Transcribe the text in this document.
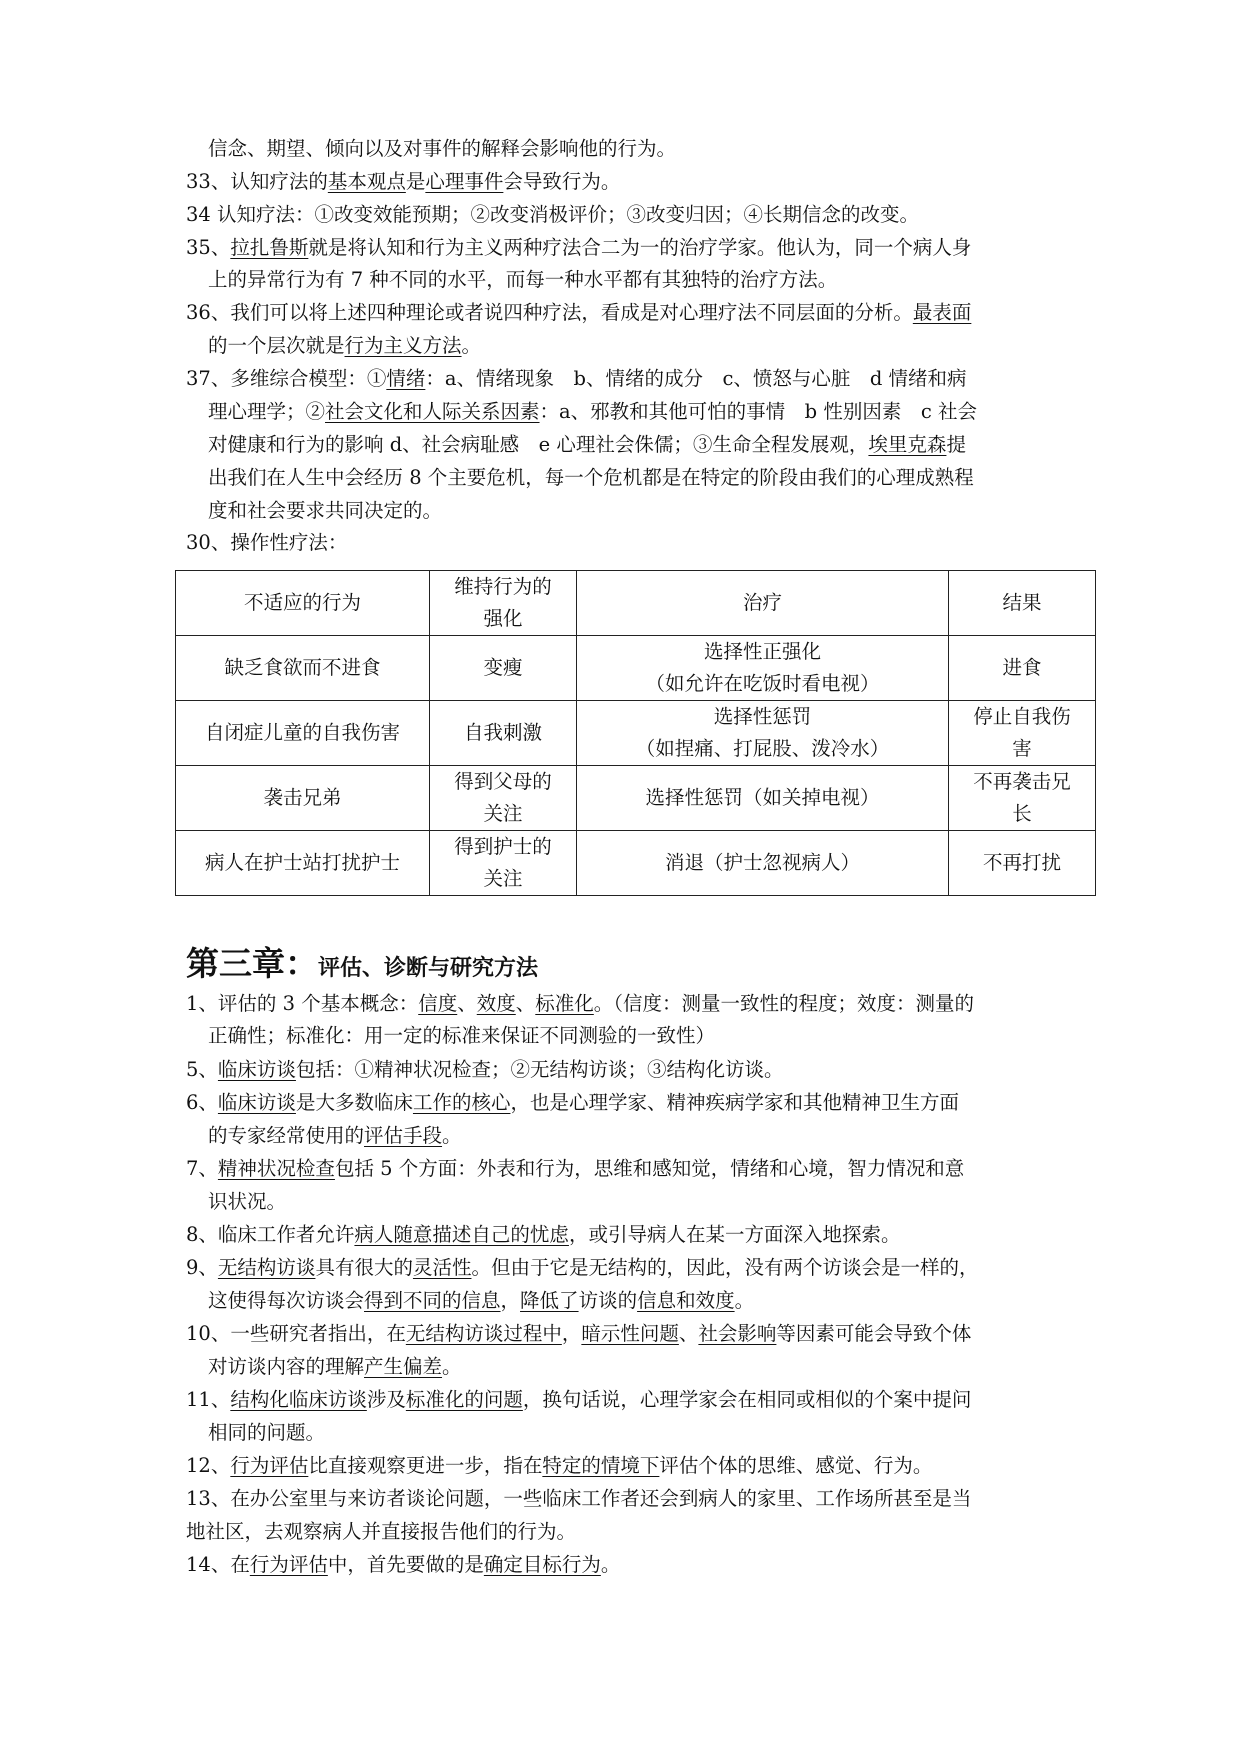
信念、期望、倾向以及对事件的解释会影响他的行为。
33、认知疗法的基本观点是心理事件会导致行为。
34 认知疗法：①改变效能预期；②改变消极评价；③改变归因；④长期信念的改变。
35、拉扎鲁斯就是将认知和行为主义两种疗法合二为一的治疗学家。他认为，同一个病人身
上的异常行为有 7 种不同的水平，而每一种水平都有其独特的治疗方法。
36、我们可以将上述四种理论或者说四种疗法，看成是对心理疗法不同层面的分析。最表面
的一个层次就是行为主义方法。
37、多维综合模型：①情绪：a、情绪现象　b、情绪的成分　c、愤怒与心脏　d 情绪和病
理心理学；②社会文化和人际关系因素：a、邪教和其他可怕的事情　b 性别因素　c 社会
对健康和行为的影响 d、社会病耻感　e 心理社会侏儒；③生命全程发展观，埃里克森提
出我们在人生中会经历 8 个主要危机，每一个危机都是在特定的阶段由我们的心理成熟程
度和社会要求共同决定的。
30、操作性疗法：
1、评估的 3 个基本概念：信度、效度、标准化。（信度：测量一致性的程度；效度：测量的
正确性；标准化：用一定的标准来保证不同测验的一致性）
5、临床访谈包括：①精神状况检查；②无结构访谈；③结构化访谈。
6、临床访谈是大多数临床工作的核心，也是心理学家、精神疾病学家和其他精神卫生方面
的专家经常使用的评估手段。
7、精神状况检查包括 5 个方面：外表和行为，思维和感知觉，情绪和心境，智力情况和意
识状况。
8、临床工作者允许病人随意描述自己的忧虑，或引导病人在某一方面深入地探索。
9、无结构访谈具有很大的灵活性。但由于它是无结构的，因此，没有两个访谈会是一样的，
这使得每次访谈会得到不同的信息，降低了访谈的信息和效度。
10、一些研究者指出，在无结构访谈过程中，暗示性问题、社会影响等因素可能会导致个体
对访谈内容的理解产生偏差。
11、结构化临床访谈涉及标准化的问题，换句话说，心理学家会在相同或相似的个案中提问
相同的问题。
12、行为评估比直接观察更进一步，指在特定的情境下评估个体的思维、感觉、行为。
13、在办公室里与来访者谈论问题，一些临床工作者还会到病人的家里、工作场所甚至是当
地社区，去观察病人并直接报告他们的行为。
14、在行为评估中，首先要做的是确定目标行为。
不适应的行为	维持行为的
强化	治疗	结果

缺乏食欲而不进食	变瘦	选择性正强化
（如允许在吃饭时看电视）	进食

自闭症儿童的自我伤害	自我刺激	选择性惩罚
（如捏痛、打屁股、泼冷水）	停止自我伤
害

袭击兄弟	得到父母的
关注	选择性惩罚（如关掉电视）	不再袭击兄
长

病人在护士站打扰护士	得到护士的
关注	消退（护士忽视病人）	不再打扰
第三章：评估、诊断与研究方法
